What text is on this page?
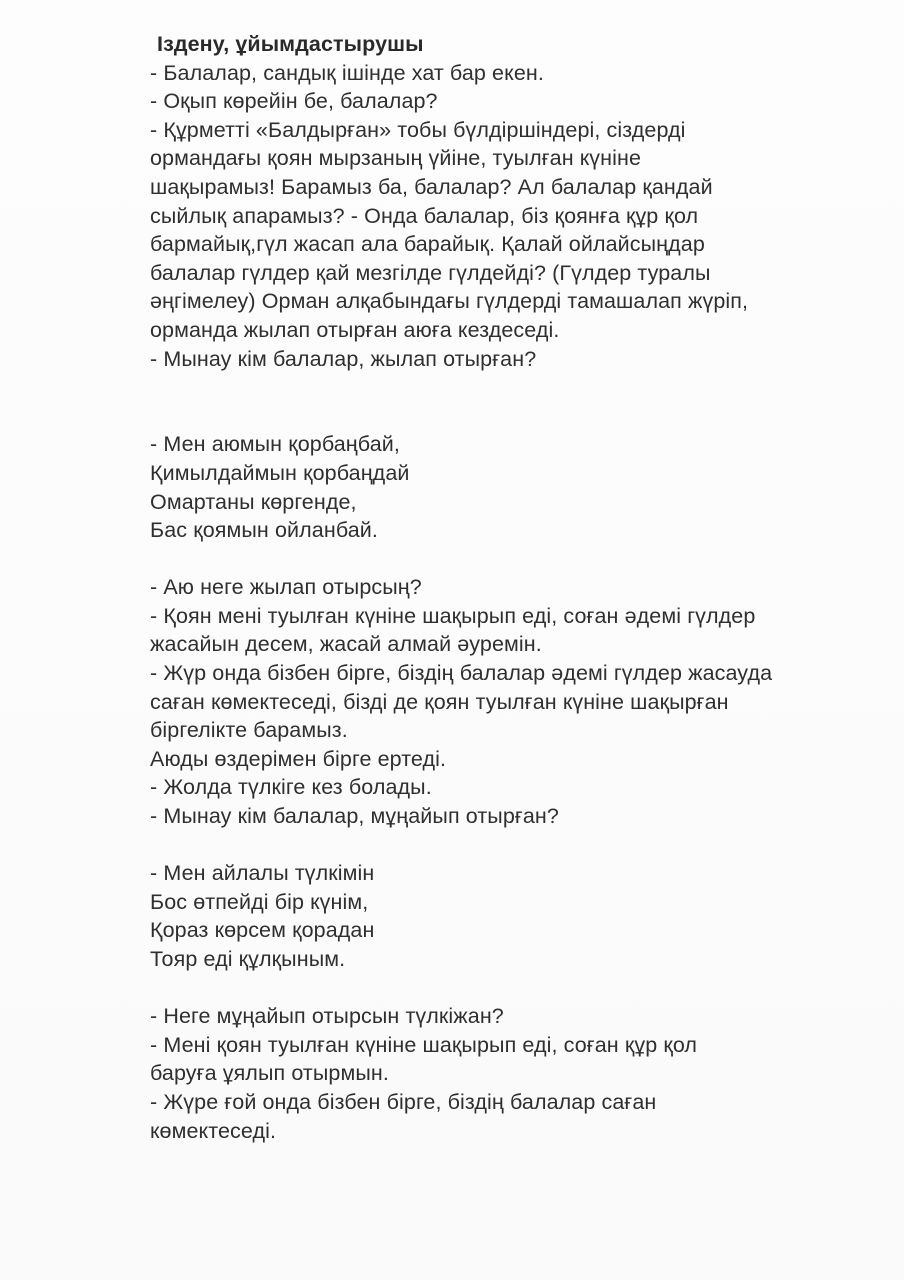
Іздену, ұйымдастырушы
- Балалар, сандық ішінде хат бар екен.
- Оқып көрейін бе, балалар?
- Құрметті «Балдырған» тобы бүлдіршіндері, сіздерді
ормандағы қоян мырзаның үйіне, туылған күніне
шақырамыз! Барамыз ба, балалар? Ал балалар қандай
сыйлық апарамыз? - Онда балалар, біз қоянға құр қол
бармайық,гүл жасап ала барайық. Қалай ойлайсыңдар
балалар гүлдер қай мезгілде гүлдейді? (Гүлдер туралы
әңгімелеу) Орман алқабындағы гүлдерді тамашалап жүріп,
орманда жылап отырған аюға кездеседі.
- Мынау кім балалар, жылап отырған?
- Мен аюмын қорбаңбай,
Қимылдаймын қорбаңдай
Омартаны көргенде,
Бас қоямын ойланбай.
- Аю неге жылап отырсың?
- Қоян мені туылған күніне шақырып еді, соған әдемі гүлдер
жасайын десем, жасай алмай әуремін.
- Жүр онда бізбен бірге, біздің балалар әдемі гүлдер жасауда
саған көмектеседі, бізді де қоян туылған күніне шақырған
біргелікте барамыз.
Аюды өздерімен бірге ертеді.
- Жолда түлкіге кез болады.
- Мынау кім балалар, мұңайып отырған?
- Мен айлалы түлкімін
Бос өтпейді бір күнім,
Қораз көрсем қорадан
Тояр еді құлқыным.
- Неге мұңайып отырсын түлкіжан?
- Мені қоян туылған күніне шақырып еді, соған құр қол
баруға ұялып отырмын.
- Жүре ғой онда бізбен бірге, біздің балалар саған
көмектеседі.
